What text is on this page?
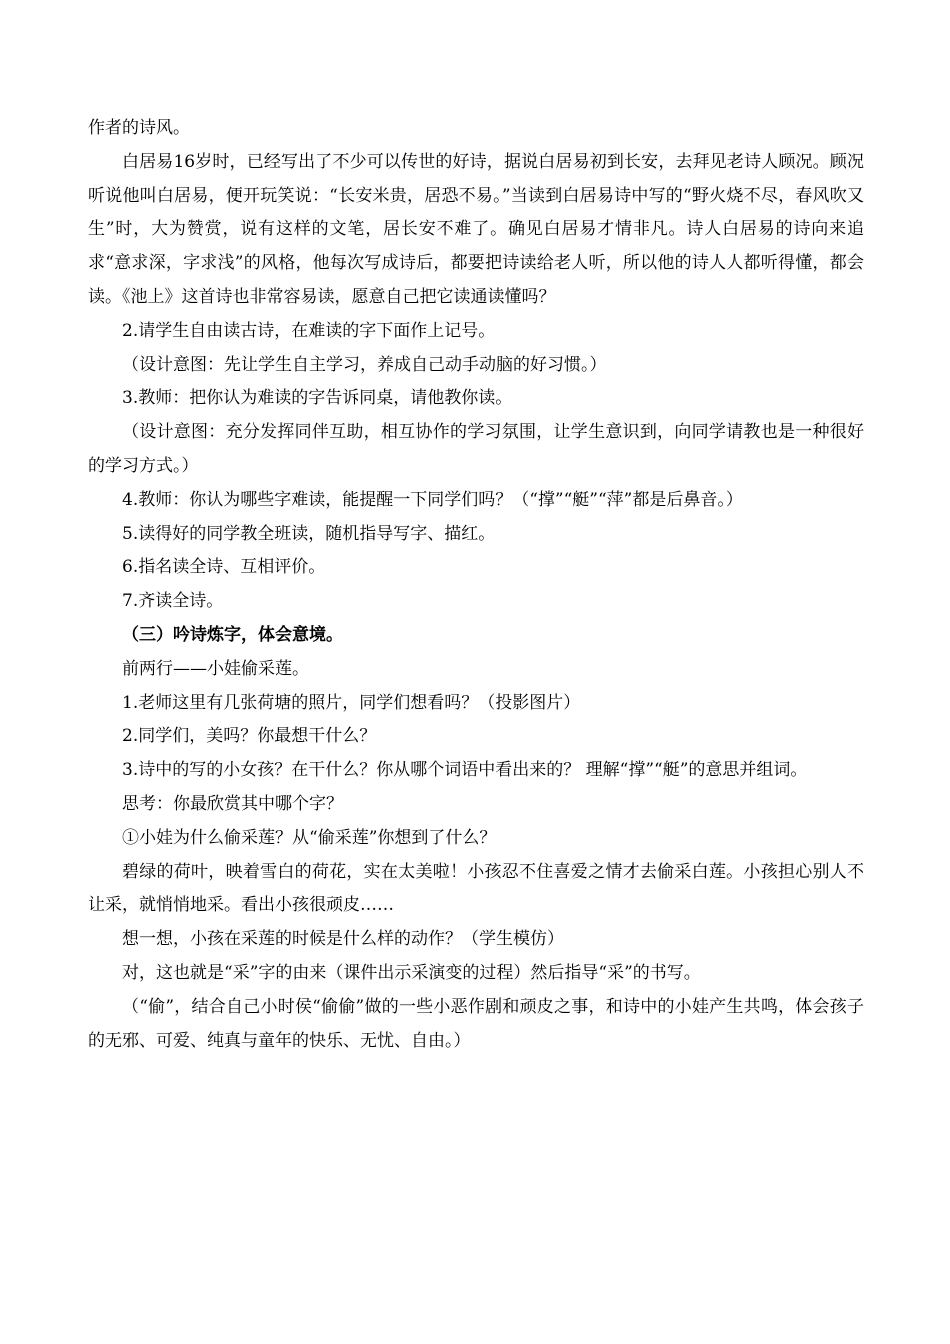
作者的诗风。

白居易16岁时，已经写出了不少可以传世的好诗，据说白居易初到长安，去拜见老诗人顾况。顾况听说他叫白居易，便开玩笑说：“长安米贵，居恐不易。”当读到白居易诗中写的“野火烧不尽，春风吹又生”时，大为赞赏，说有这样的文笔，居长安不难了。确见白居易才情非凡。诗人白居易的诗向来追求“意求深，字求浅”的风格，他每次写成诗后，都要把诗读给老人听，所以他的诗人人都听得懂，都会读。《池上》这首诗也非常容易读，愿意自己把它读通读懂吗？

2.请学生自由读古诗，在难读的字下面作上记号。

（设计意图：先让学生自主学习，养成自己动手动脑的好习惯。）

3.教师：把你认为难读的字告诉同桌，请他教你读。

（设计意图：充分发挥同伴互助，相互协作的学习氛围，让学生意识到，向同学请教也是一种很好的学习方式。）

4.教师：你认为哪些字难读，能提醒一下同学们吗？（“撑”“艇”“萍”都是后鼻音。）

5.读得好的同学教全班读，随机指导写字、描红。

6.指名读全诗、互相评价。

7.齐读全诗。

（三）吟诗炼字，体会意境。

前两行——小娃偷采莲。

1.老师这里有几张荷塘的照片，同学们想看吗？（投影图片）

2.同学们，美吗？你最想干什么？

3.诗中的写的小女孩？在干什么？你从哪个词语中看出来的？ 理解“撑”“艇”的意思并组词。

思考：你最欣赏其中哪个字？

①小娃为什么偷采莲？从“偷采莲”你想到了什么？

碧绿的荷叶，映着雪白的荷花，实在太美啦！小孩忍不住喜爱之情才去偷采白莲。小孩担心别人不让采，就悄悄地采。看出小孩很顽皮……

想一想，小孩在采莲的时候是什么样的动作？（学生模仿）

对，这也就是“采”字的由来（课件出示采演变的过程）然后指导“采”的书写。

（“偷”，结合自己小时侯“偷偷”做的一些小恶作剧和顽皮之事，和诗中的小娃产生共鸣，体会孩子的无邪、可爱、纯真与童年的快乐、无忧、自由。）
